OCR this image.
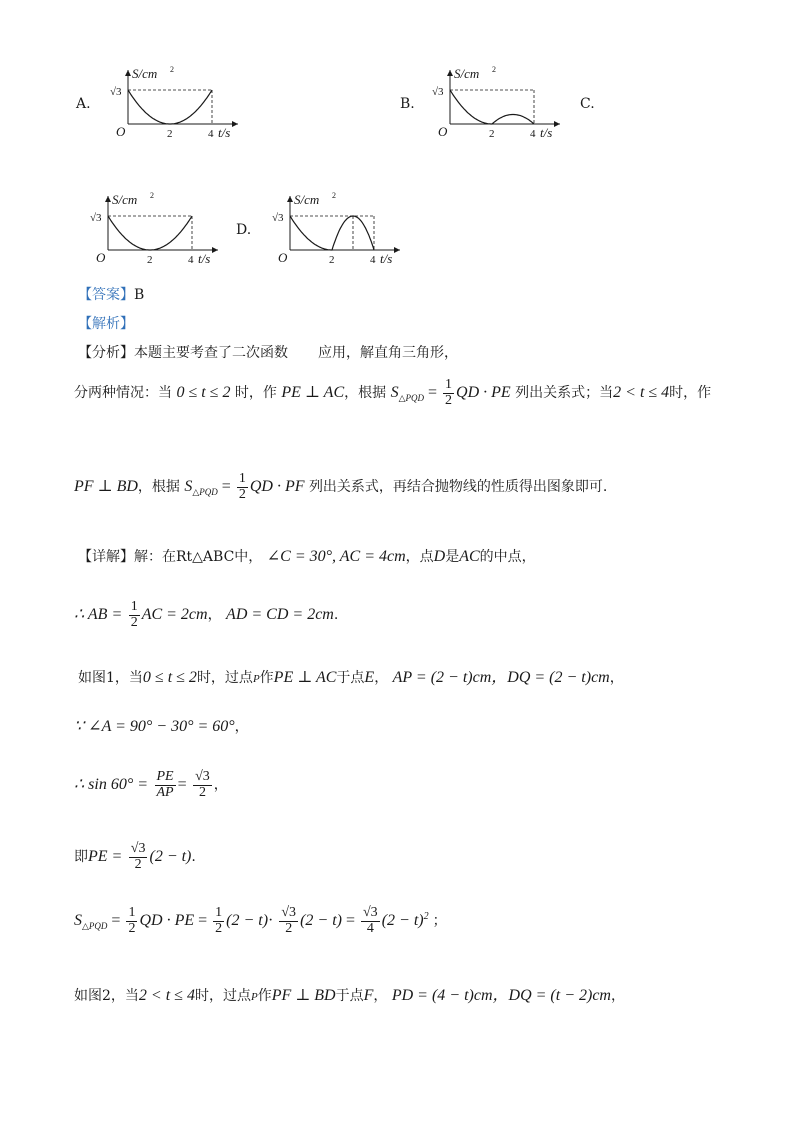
A.
S/cm 2
O
√3
2	4 t/s
B.
S/cm 2
O
√3
2	4 t/s
C.
S/cm 2
O
√3
2	4 t/s
D.
S/cm 2
O
√3
2	4 t/s
【答案】B
【解析】
【分析】本题主要考查了二次函数 应用，解直角三角形，
分两种情况：当 0 ≤ t ≤ 2 时，作 PE ⊥ AC，根据 $S_{\triangle PQD} = \frac{1}{2}$ QD · PE 列出关系式；当2 < t ≤ 4时，作
PF ⊥ BD，根据 $S_{\triangle PQD} = \frac{1}{2}$ QD · PF 列出关系式，再结合抛物线的性质得出图象即可.
【详解】解：在Rt△ABC中， ∠C = 30°, AC = 4cm，点D是AC的中点，
∴ AB = $\frac{1}{2}$ AC = 2cm， AD = CD = 2cm.
如图1，当0 ≤ t ≤ 2时，过点P作PE ⊥ AC于点E， AP = (2 − t)cm，DQ = (2 − t)cm，
∵ ∠A = 90° − 30° = 60°，
∴ $\sin 60^\circ = \frac{PE}{AP} = \frac{√3}{2}$ ，
即PE = $\frac{√3}{2} (2 - t)$.
$S_{\triangle PQD} = \frac{1}{2}$ QD · PE = $\frac{1}{2} (2 - t)\cdot \frac{√3}{2} (2 - t) = \frac{√3}{4} (2 - t)^2$ ；
如图2，当2 < t ≤ 4时，过点P作PF ⊥ BD于点F， PD = (4 − t)cm，DQ = (t − 2)cm，
